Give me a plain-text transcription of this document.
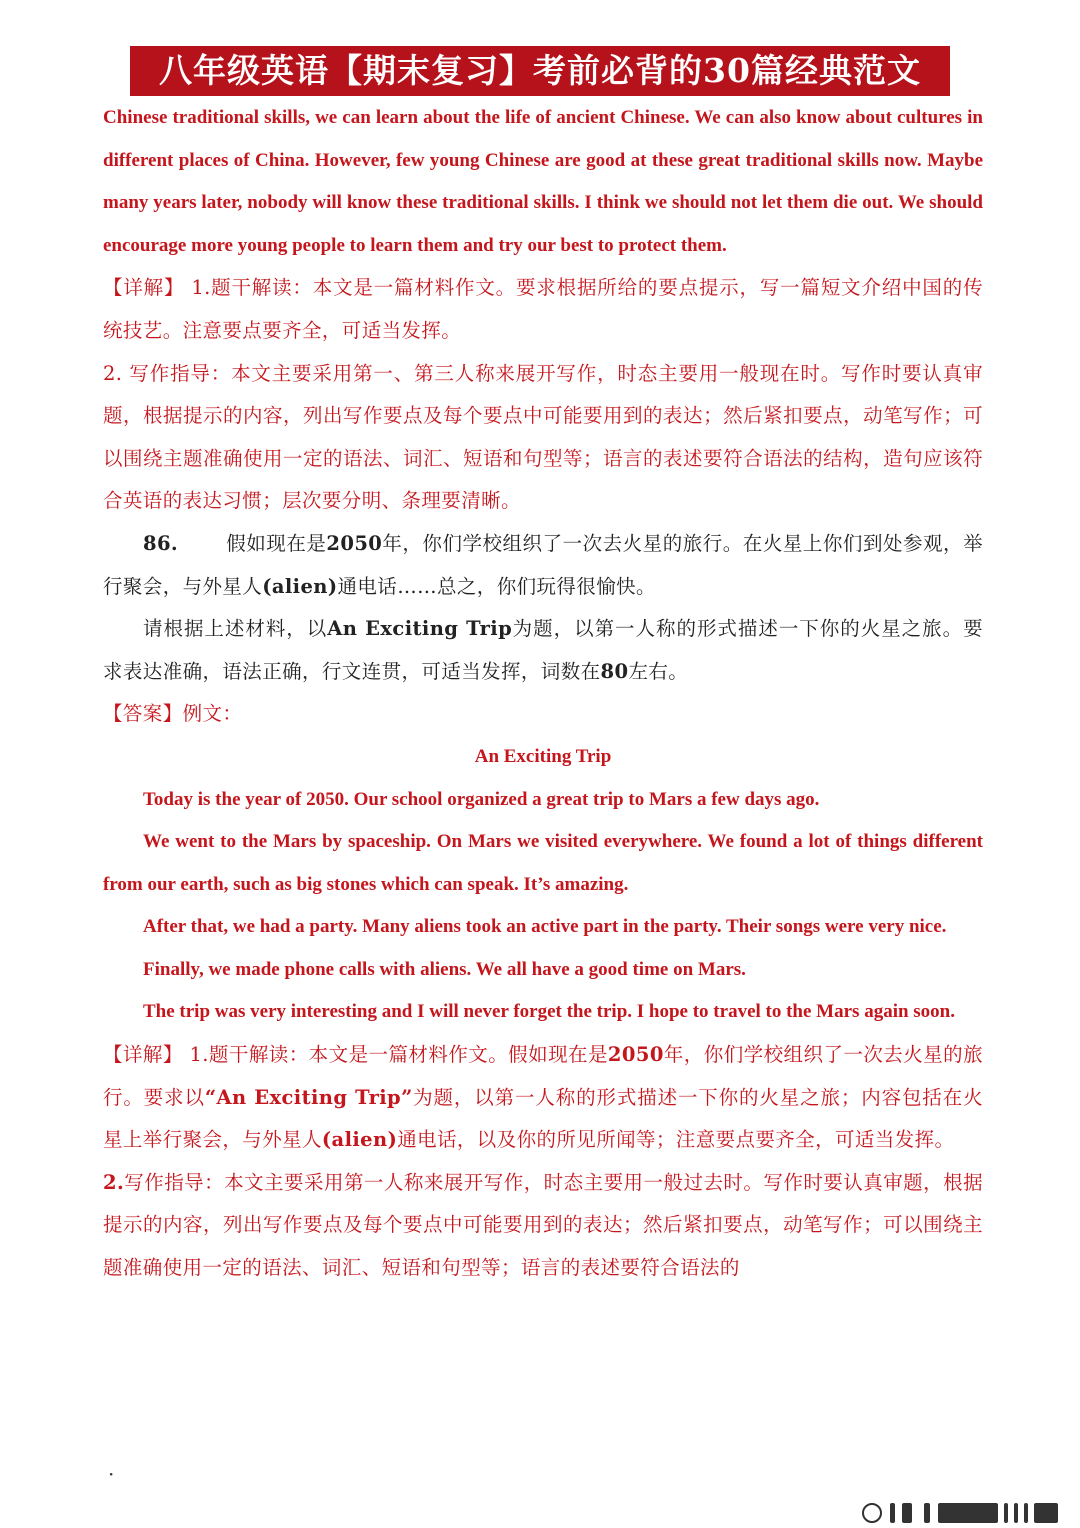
八年级英语【期末复习】考前必背的30篇经典范文

Chinese traditional skills, we can learn about the life of ancient Chinese. We can also know about cultures in different places of China. However, few young Chinese are good at these great traditional skills now. Maybe many years later, nobody will know these traditional skills. I think we should not let them die out. We should encourage more young people to learn them and try our best to protect them.

【详解】 1.题干解读：本文是一篇材料作文。要求根据所给的要点提示，写一篇短文介绍中国的传统技艺。注意要点要齐全，可适当发挥。

2. 写作指导：本文主要采用第一、第三人称来展开写作，时态主要用一般现在时。写作时要认真审题，根据提示的内容，列出写作要点及每个要点中可能要用到的表达；然后紧扣要点，动笔写作；可以围绕主题准确使用一定的语法、词汇、短语和句型等；语言的表述要符合语法的结构，造句应该符合英语的表达习惯；层次要分明、条理要清晰。

86. 假如现在是2050年，你们学校组织了一次去火星的旅行。在火星上你们到处参观，举行聚会，与外星人(alien)通电话……总之，你们玩得很愉快。

请根据上述材料，以An Exciting Trip为题，以第一人称的形式描述一下你的火星之旅。要求表达准确，语法正确，行文连贯，可适当发挥，词数在80左右。

【答案】例文：

An Exciting Trip

Today is the year of 2050. Our school organized a great trip to Mars a few days ago.

We went to the Mars by spaceship. On Mars we visited everywhere. We found a lot of things different from our earth, such as big stones which can speak. It’s amazing.

After that, we had a party. Many aliens took an active part in the party. Their songs were very nice.

Finally, we made phone calls with aliens. We all have a good time on Mars.

The trip was very interesting and I will never forget the trip. I hope to travel to the Mars again soon.

【详解】 1.题干解读：本文是一篇材料作文。假如现在是2050年，你们学校组织了一次去火星的旅行。要求以“An Exciting Trip”为题，以第一人称的形式描述一下你的火星之旅；内容包括在火星上举行聚会，与外星人(alien)通电话，以及你的所见所闻等；注意要点要齐全，可适当发挥。

2.写作指导：本文主要采用第一人称来展开写作，时态主要用一般过去时。写作时要认真审题，根据提示的内容，列出写作要点及每个要点中可能要用到的表达；然后紧扣要点，动笔写作；可以围绕主题准确使用一定的语法、词汇、短语和句型等；语言的表述要符合语法的

·
